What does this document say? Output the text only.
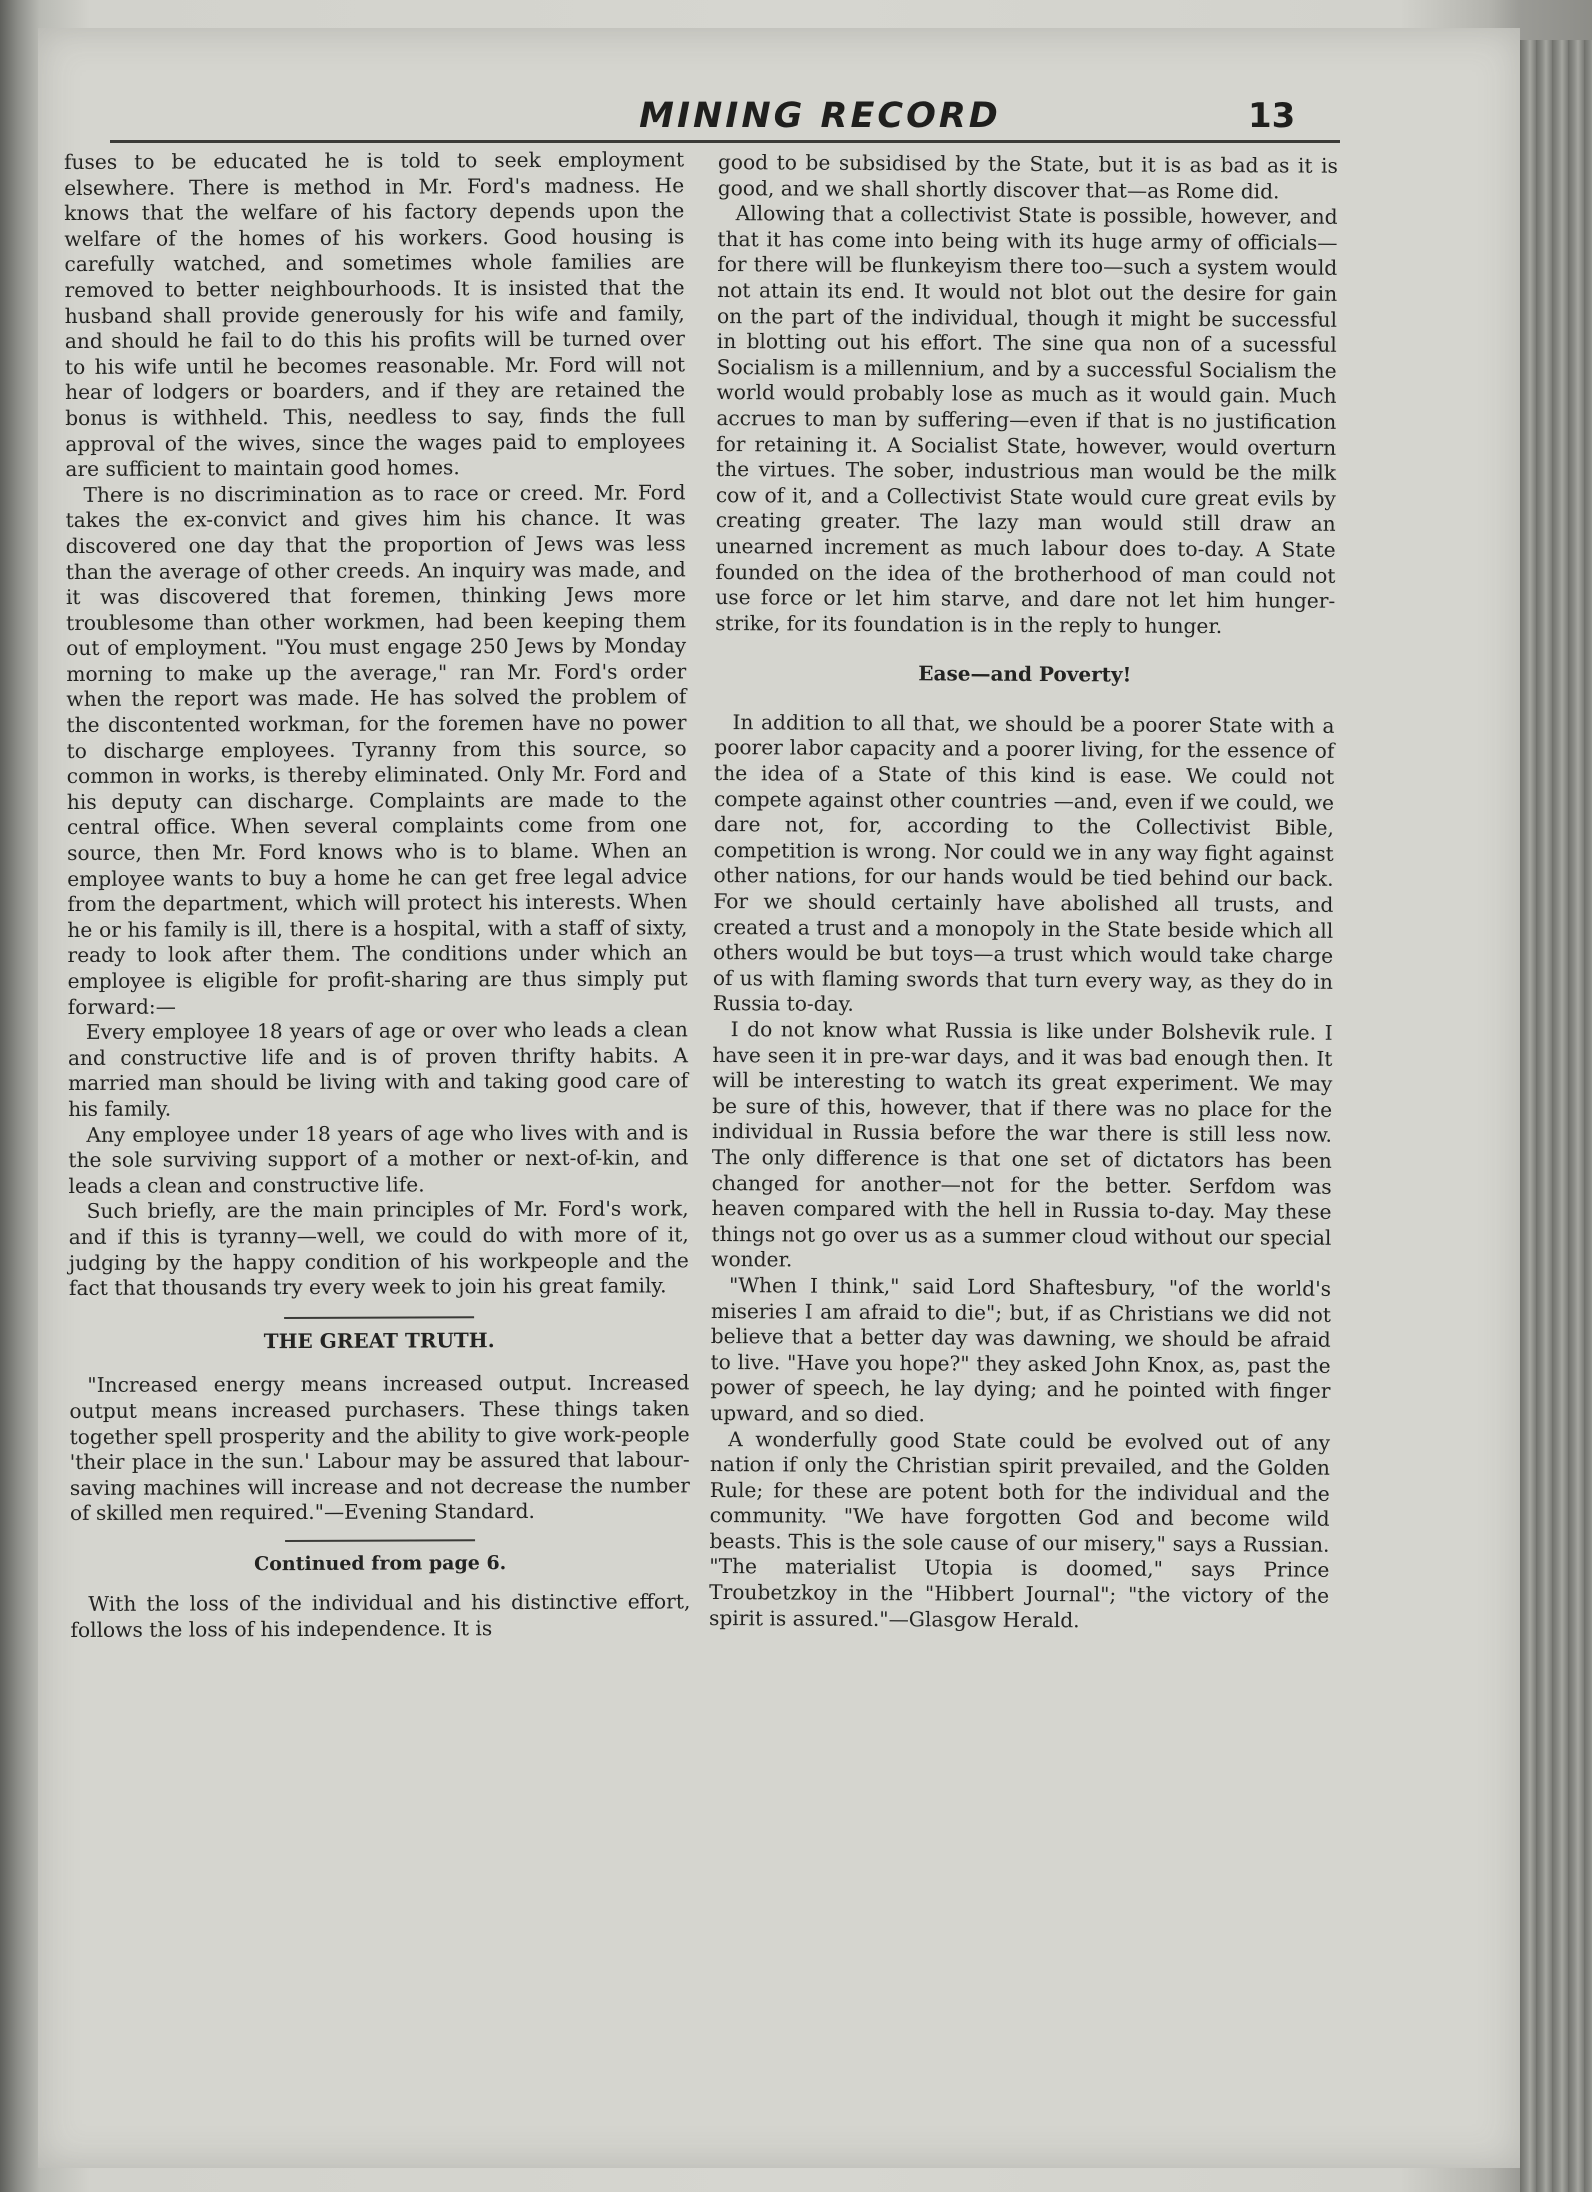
MINING RECORD	13

fuses to be educated he is told to seek employment elsewhere. There is method in Mr. Ford's madness. He knows that the welfare of his factory depends upon the welfare of the homes of his workers. Good housing is carefully watched, and sometimes whole families are removed to better neighbourhoods. It is insisted that the husband shall provide generously for his wife and family, and should he fail to do this his profits will be turned over to his wife until he becomes reasonable. Mr. Ford will not hear of lodgers or boarders, and if they are retained the bonus is withheld. This, needless to say, finds the full approval of the wives, since the wages paid to employees are sufficient to maintain good homes.

There is no discrimination as to race or creed. Mr. Ford takes the ex-convict and gives him his chance. It was discovered one day that the proportion of Jews was less than the average of other creeds. An inquiry was made, and it was discovered that foremen, thinking Jews more troublesome than other workmen, had been keeping them out of employment. "You must engage 250 Jews by Monday morning to make up the average," ran Mr. Ford's order when the report was made. He has solved the problem of the discontented workman, for the foremen have no power to discharge employees. Tyranny from this source, so common in works, is thereby eliminated. Only Mr. Ford and his deputy can discharge. Complaints are made to the central office. When several complaints come from one source, then Mr. Ford knows who is to blame. When an employee wants to buy a home he can get free legal advice from the department, which will protect his interests. When he or his family is ill, there is a hospital, with a staff of sixty, ready to look after them. The conditions under which an employee is eligible for profit-sharing are thus simply put forward:—

Every employee 18 years of age or over who leads a clean and constructive life and is of proven thrifty habits. A married man should be living with and taking good care of his family.

Any employee under 18 years of age who lives with and is the sole surviving support of a mother or next-of-kin, and leads a clean and constructive life.

Such briefly, are the main principles of Mr. Ford's work, and if this is tyranny—well, we could do with more of it, judging by the happy condition of his workpeople and the fact that thousands try every week to join his great family.

THE GREAT TRUTH.

"Increased energy means increased output. Increased output means increased purchasers. These things taken together spell prosperity and the ability to give work-people 'their place in the sun.' Labour may be assured that labour-saving machines will increase and not decrease the number of skilled men required."—Evening Standard.

Continued from page 6.

With the loss of the individual and his distinctive effort, follows the loss of his independence. It is

good to be subsidised by the State, but it is as bad as it is good, and we shall shortly discover that—as Rome did.

Allowing that a collectivist State is possible, however, and that it has come into being with its huge army of officials—for there will be flunkeyism there too—such a system would not attain its end. It would not blot out the desire for gain on the part of the individual, though it might be successful in blotting out his effort. The sine qua non of a sucessful Socialism is a millennium, and by a successful Socialism the world would probably lose as much as it would gain. Much accrues to man by suffering—even if that is no justification for retaining it. A Socialist State, however, would overturn the virtues. The sober, industrious man would be the milk cow of it, and a Collectivist State would cure great evils by creating greater. The lazy man would still draw an unearned increment as much labour does to-day. A State founded on the idea of the brotherhood of man could not use force or let him starve, and dare not let him hunger-strike, for its foundation is in the reply to hunger.

Ease—and Poverty!

In addition to all that, we should be a poorer State with a poorer labor capacity and a poorer living, for the essence of the idea of a State of this kind is ease. We could not compete against other countries —and, even if we could, we dare not, for, according to the Collectivist Bible, competition is wrong. Nor could we in any way fight against other nations, for our hands would be tied behind our back. For we should certainly have abolished all trusts, and created a trust and a monopoly in the State beside which all others would be but toys—a trust which would take charge of us with flaming swords that turn every way, as they do in Russia to-day.

I do not know what Russia is like under Bolshevik rule. I have seen it in pre-war days, and it was bad enough then. It will be interesting to watch its great experiment. We may be sure of this, however, that if there was no place for the individual in Russia before the war there is still less now. The only difference is that one set of dictators has been changed for another—not for the better. Serfdom was heaven compared with the hell in Russia to-day. May these things not go over us as a summer cloud without our special wonder.

"When I think," said Lord Shaftesbury, "of the world's miseries I am afraid to die"; but, if as Christians we did not believe that a better day was dawning, we should be afraid to live. "Have you hope?" they asked John Knox, as, past the power of speech, he lay dying; and he pointed with finger upward, and so died.

A wonderfully good State could be evolved out of any nation if only the Christian spirit prevailed, and the Golden Rule; for these are potent both for the individual and the community. "We have forgotten God and become wild beasts. This is the sole cause of our misery," says a Russian. "The materialist Utopia is doomed," says Prince Troubetzkoy in the "Hibbert Journal"; "the victory of the spirit is assured."—Glasgow Herald.
